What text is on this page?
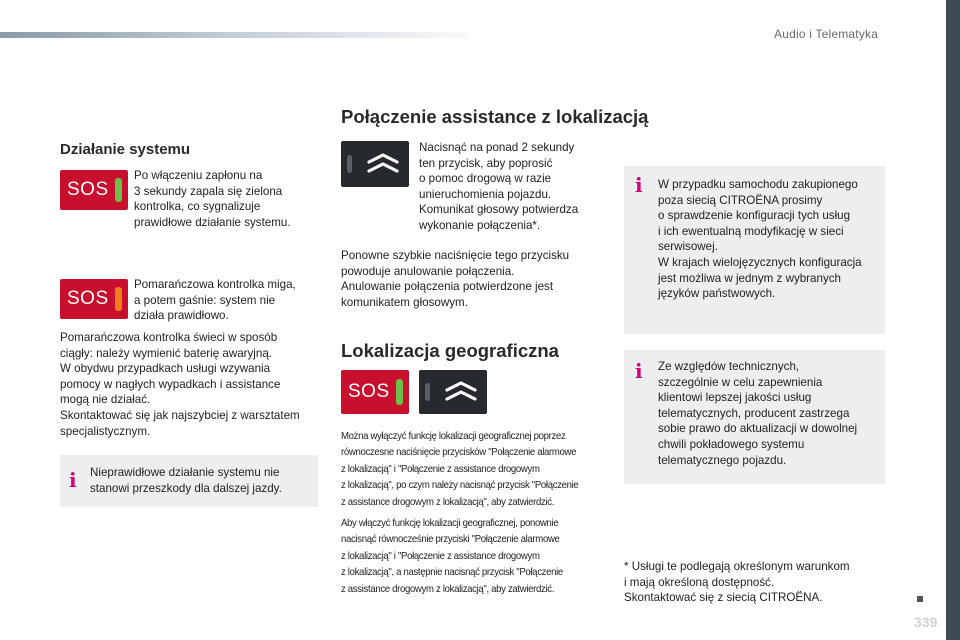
Audio i Telematyka
Działanie systemu
SOS
Po włączeniu zapłonu na
3 sekundy zapala się zielona
kontrolka, co sygnalizuje
prawidłowe działanie systemu.
SOS
Pomarańczowa kontrolka miga,
a potem gaśnie: system nie
działa prawidłowo.
Pomarańczowa kontrolka świeci w sposób
ciągły: należy wymienić baterię awaryjną.
W obydwu przypadkach usługi wzywania
pomocy w nagłych wypadkach i assistance
mogą nie działać.
Skontaktować się jak najszybciej z warsztatem
specjalistycznym.
i Nieprawidłowe działanie systemu nie
stanowi przeszkody dla dalszej jazdy.
Połączenie assistance z lokalizacją
Nacisnąć na ponad 2 sekundy
ten przycisk, aby poprosić
o pomoc drogową w razie
unieruchomienia pojazdu.
Komunikat głosowy potwierdza
wykonanie połączenia*.
Ponowne szybkie naciśnięcie tego przycisku
powoduje anulowanie połączenia.
Anulowanie połączenia potwierdzone jest
komunikatem głosowym.
Lokalizacja geograficzna
SOS
Można wyłączyć funkcję lokalizacji geograficznej poprzez
równoczesne naciśnięcie przycisków "Połączenie alarmowe
z lokalizacją" i "Połączenie z assistance drogowym
z lokalizacją", po czym należy nacisnąć przycisk "Połączenie
z assistance drogowym z lokalizacją", aby zatwierdzić.
Aby włączyć funkcję lokalizacji geograficznej, ponownie
nacisnąć równocześnie przyciski "Połączenie alarmowe
z lokalizacją" i "Połączenie z assistance drogowym
z lokalizacją", a następnie nacisnąć przycisk "Połączenie
z assistance drogowym z lokalizacją", aby zatwierdzić.
i W przypadku samochodu zakupionego
poza siecią CITROËNA prosimy
o sprawdzenie konfiguracji tych usług
i ich ewentualną modyfikację w sieci
serwisowej.
W krajach wielojęzycznych konfiguracja
jest możliwa w jednym z wybranych
języków państwowych.
i Ze względów technicznych,
szczególnie w celu zapewnienia
klientowi lepszej jakości usług
telematycznych, producent zastrzega
sobie prawo do aktualizacji w dowolnej
chwili pokładowego systemu
telematycznego pojazdu.
* Usługi te podlegają określonym warunkom
i mają określoną dostępność.
Skontaktować się z siecią CITROËNA.
339
